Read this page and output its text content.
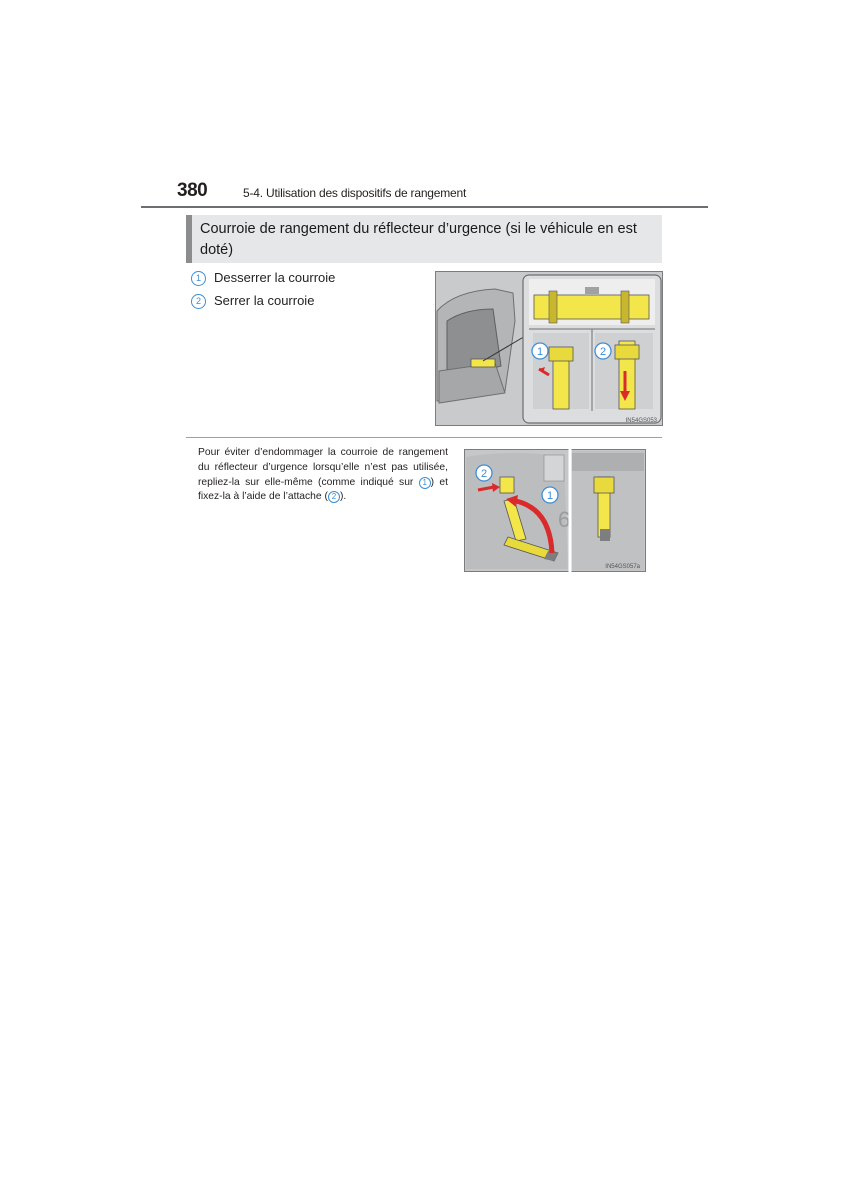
380	5-4. Utilisation des dispositifs de rangement
Courroie de rangement du réflecteur d’urgence (si le véhicule en est doté)
1 Desserrer la courroie
2 Serrer la courroie
1	2
IN54GS053
Pour éviter d’endommager la courroie de rangement du réflecteur d’urgence lorsqu’elle n’est pas utilisée, repliez-la sur elle-même (comme indiqué sur 1 ) et fixez-la à l’aide de l’attache ( 2 ).
6
2
1
IN54GS057a
